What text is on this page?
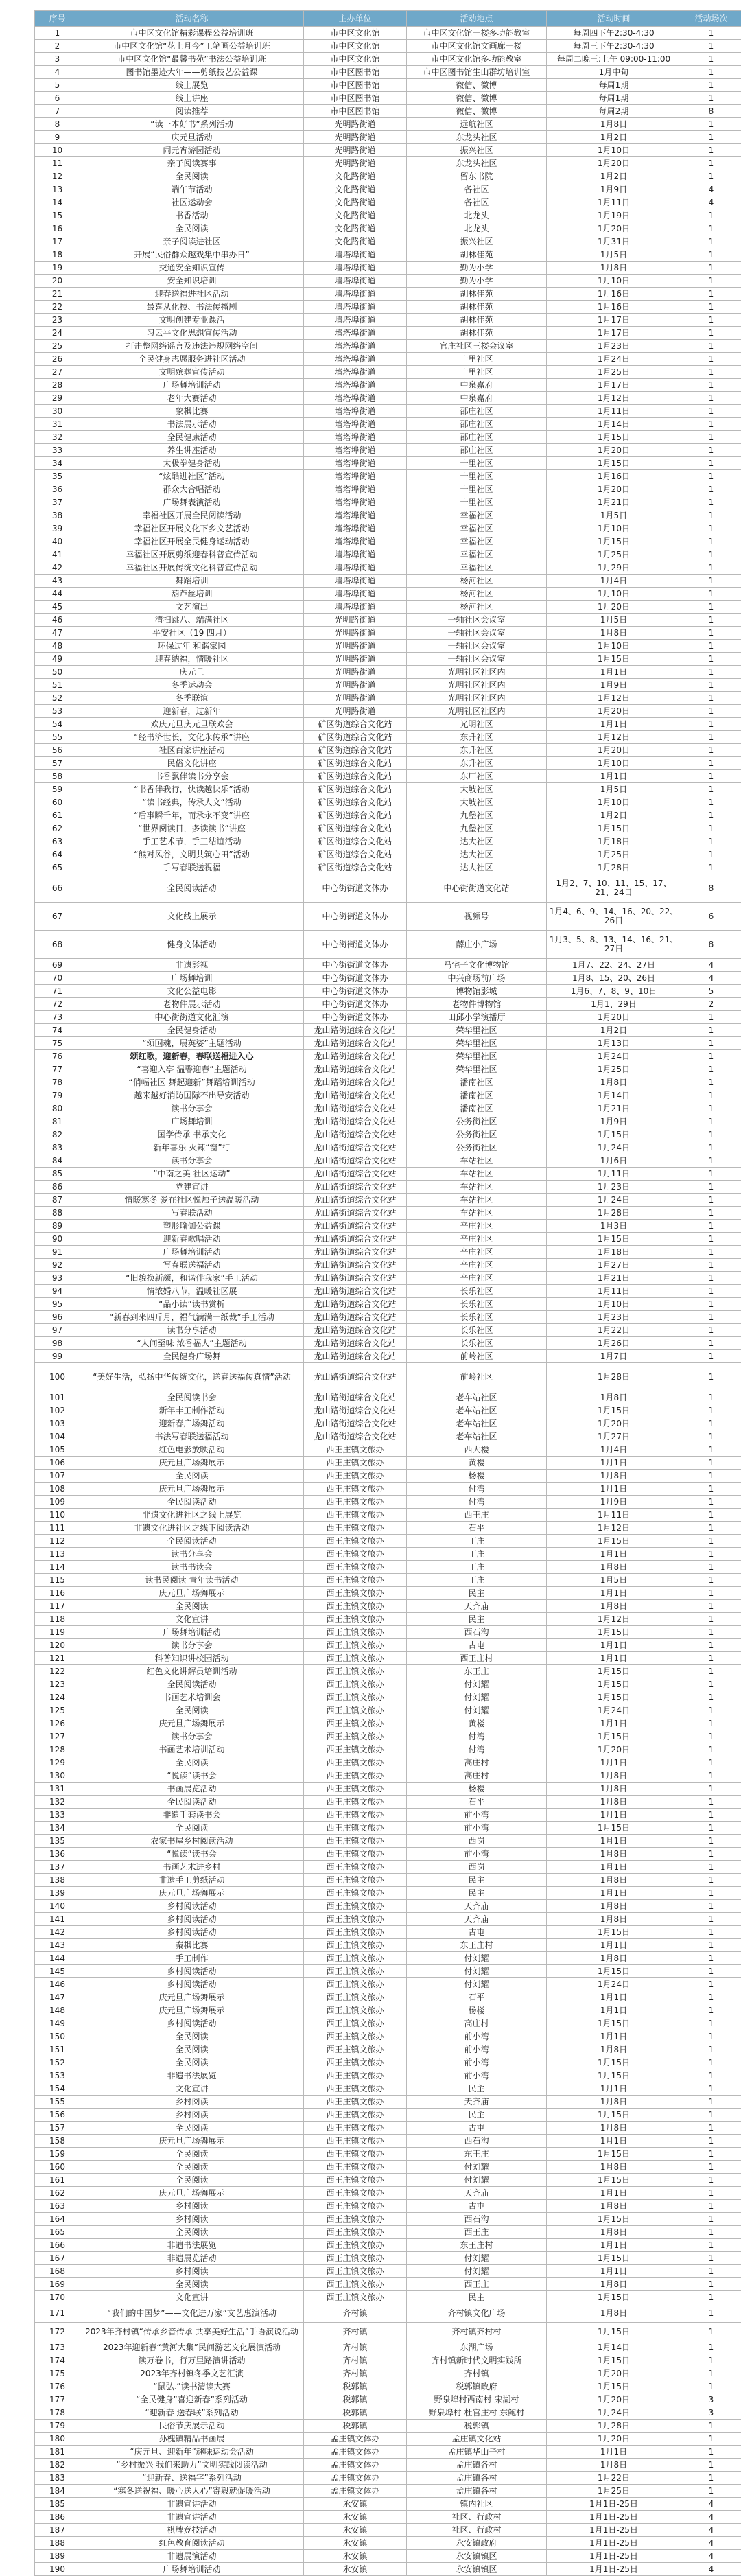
序号	活动名称	主办单位	活动地点	活动时间	活动场次
1	市中区文化馆精彩课程公益培训班	市中区文化馆	市中区文化馆一楼多功能教室	每周四下午2:30-4:30	1
2	市中区文化馆“花上月今”工笔画公益培训班	市中区文化馆	市中区文化馆文画廊一楼	每周三下午2:30-4:30	1
3	市中区文化馆“最馨书苑”书法公益培训班	市中区文化馆	市中区文化馆多功能教室	每周二晚三:上午 09:00-11:00	1
4	图书馆墨迹大年——剪纸技艺公益课	市中区图书馆	市中区图书馆生山群坊培训室	1月中旬	1
5	线上展览	市中区图书馆	微信、微博	每周1期	1
6	线上讲座	市中区图书馆	微信、微博	每周1期	1
7	阅读推荐	市中区图书馆	微信、微博	每周2期	8
8	“读一本好书”系列活动	光明路街道	远航社区	1月8日	1
9	庆元旦活动	光明路街道	东龙头社区	1月2日	1
10	闹元宵游园活动	光明路街道	振兴社区	1月10日	1
11	亲子阅读赛事	光明路街道	东龙头社区	1月20日	1
12	全民阅读	文化路街道	留东书院	1月2日	1
13	端午节活动	文化路街道	各社区	1月9日	4
14	社区运动会	文化路街道	各社区	1月11日	4
15	书香活动	文化路街道	北龙头	1月19日	1
16	全民阅读	文化路街道	北龙头	1月20日	1
17	亲子阅读进社区	文化路街道	振兴社区	1月31日	1
18	开展“民俗群众趣戏集中串办日”	墙塔埠街道	胡林佳苑	1月5日	1
19	交通安全知识宣传	墙塔埠街道	勤为小学	1月8日	1
20	安全知识培训	墙塔埠街道	勤为小学	1月10日	1
21	迎春送福进社区活动	墙塔埠街道	胡林佳苑	1月16日	1
22	最喜从化技、书法传播剧	墙塔埠街道	胡林佳苑	1月16日	1
23	文明创建专业课活	墙塔埠街道	胡林佳苑	1月17日	1
24	习云平文化思想宣传活动	墙塔埠街道	胡林佳苑	1月17日	1
25	打击整网络谣言及违法违规网络空间	墙塔埠街道	官庄社区三楼会议室	1月23日	1
26	全民健身志愿服务进社区活动	墙塔埠街道	十里社区	1月24日	1
27	文明殡葬宣传活动	墙塔埠街道	十里社区	1月25日	1
28	广场舞培训活动	墙塔埠街道	中泉嘉府	1月17日	1
29	老年大赛活动	墙塔埠街道	中泉嘉府	1月12日	1
30	象棋比赛	墙塔埠街道	邵庄社区	1月11日	1
31	书法展示活动	墙塔埠街道	邵庄社区	1月14日	1
32	全民健康活动	墙塔埠街道	邵庄社区	1月15日	1
33	养生讲座活动	墙塔埠街道	邵庄社区	1月20日	1
34	太极拳健身活动	墙塔埠街道	十里社区	1月15日	1
35	“炫酷进社区”活动	墙塔埠街道	十里社区	1月16日	1
36	群众大合唱活动	墙塔埠街道	十里社区	1月20日	1
37	广场舞表演活动	墙塔埠街道	十里社区	1月21日	1
38	幸福社区开展全民阅读活动	墙塔埠街道	幸福社区	1月5日	1
39	幸福社区开展文化下乡文艺活动	墙塔埠街道	幸福社区	1月10日	1
40	幸福社区开展全民健身运动活动	墙塔埠街道	幸福社区	1月15日	1
41	幸福社区开展剪纸迎春科普宣传活动	墙塔埠街道	幸福社区	1月25日	1
42	幸福社区开展传统文化科普宣传活动	墙塔埠街道	幸福社区	1月29日	1
43	舞蹈培训	墙塔埠街道	杨河社区	1月4日	1
44	葫芦丝培训	墙塔埠街道	杨河社区	1月10日	1
45	文艺演出	墙塔埠街道	杨河社区	1月20日	1
46	清扫跳八、端满社区	光明路街道	一轴社区会议室	1月5日	1
47	平安社区（19 四月）	光明路街道	一轴社区会议室	1月8日	1
48	环保过年 和谐家园	光明路街道	一轴社区会议室	1月10日	1
49	迎春纳福，情暖社区	光明路街道	一轴社区会议室	1月15日	1
50	庆元旦	光明路街道	光明社区社区内	1月1日	1
51	冬季运动会	光明路街道	光明社区社区内	1月9日	1
52	冬季联谊	光明路街道	光明社区社区内	1月12日	1
53	迎新春，过新年	光明路街道	光明社区社区内	1月20日	1
54	欢庆元旦庆元旦联欢会	矿区街道综合文化站	光明社区	1月1日	1
55	“经书济世长，文化永传承”讲座	矿区街道综合文化站	东升社区	1月12日	1
56	社区百家讲座活动	矿区街道综合文化站	东升社区	1月20日	1
57	民俗文化讲座	矿区街道综合文化站	东升社区	1月10日	1
58	书香飘伴读书分享会	矿区街道综合文化站	东厂社区	1月1日	1
59	“书香伴我行，快读越快乐”活动	矿区街道综合文化站	大坡社区	1月5日	1
60	“读书经典，传承人文”活动	矿区街道综合文化站	大坡社区	1月10日	1
61	“后事瞬千年，而承永不变”讲座	矿区街道综合文化站	九堡社区	1月2日	1
62	“世界阅读日，多读读书”讲座	矿区街道综合文化站	九堡社区	1月15日	1
63	手工艺术节，手工结谊活动	矿区街道综合文化站	达大社区	1月18日	1
64	“熊对风谷，文明共筑心田”活动	矿区街道综合文化站	达大社区	1月25日	1
65	手写春联送祝福	矿区街道综合文化站	达大社区	1月28日	1
66	全民阅读活动	中心街街道文体办	中心街街道文化站	1月2、7、10、11、15、17、21、24日	8
67	文化线上展示	中心街街道文体办	视频号	1月4、6、9、14、16、20、22、26日	6
68	健身文体活动	中心街街道文体办	薛庄小广场	1月3、5、8、13、14、16、21、27日	8
69	非遗影视	中心街街道文体办	马宅子文化博物馆	1月7、22、24、27日	4
70	广场舞培训	中心街街道文体办	中兴商场前广场	1月8、15、20、26日	4
71	文化公益电影	中心街街道文体办	博物馆影城	1月6、7、8、9、10日	5
72	老物件展示活动	中心街街道文体办	老物件博物馆	1月1、29日	2
73	中心街街道文化汇演	中心街街道文体办	田邱小学演播厅	1月20日	1
74	全民健身活动	龙山路街道综合文化站	荣华里社区	1月2日	1
75	“颂国魂，展英姿”主题活动	龙山路街道综合文化站	荣华里社区	1月13日	1
76	颂红歌，迎新春，春联送福进入心	龙山路街道综合文化站	荣华里社区	1月24日	1
77	“喜迎入亭 温馨迎春”主题活动	龙山路街道综合文化站	荣华里社区	1月25日	1
78	“俏幅社区 舞起迎新”舞蹈培训活动	龙山路街道综合文化站	潘南社区	1月8日	1
79	越来越好消防国际不出导安活动	龙山路街道综合文化站	潘南社区	1月14日	1
80	读书分享会	龙山路街道综合文化站	潘南社区	1月21日	1
81	广场舞培训	龙山路街道综合文化站	公务街社区	1月9日	1
82	国学传承 书承文化	龙山路街道综合文化站	公务街社区	1月15日	1
83	新年喜乐 火辣“窗”行	龙山路街道综合文化站	公务街社区	1月24日	1
84	读书分享会	龙山路街道综合文化站	车站社区	1月6日	1
85	“中南之美 社区运动”	龙山路街道综合文化站	车站社区	1月11日	1
86	党建宣讲	龙山路街道综合文化站	车站社区	1月23日	1
87	情暖寒冬 爱在社区悦烛子送温暖活动	龙山路街道综合文化站	车站社区	1月24日	1
88	写春联活动	龙山路街道综合文化站	车站社区	1月28日	1
89	塑形瑜伽公益课	龙山路街道综合文化站	辛庄社区	1月3日	1
90	迎新春歌唱活动	龙山路街道综合文化站	辛庄社区	1月15日	1
91	广场舞培训活动	龙山路街道综合文化站	辛庄社区	1月18日	1
92	写春联送福活动	龙山路街道综合文化站	辛庄社区	1月27日	1
93	“旧貌换新颜，和谐伴我家”手工活动	龙山路街道综合文化站	辛庄社区	1月21日	1
94	情浓婚八节，温暖社区展	龙山路街道综合文化站	长乐社区	1月11日	1
95	“品小读”读书赏析	龙山路街道综合文化站	长乐社区	1月10日	1
96	“新春到来四斤月，福气满满一纸裁”手工活动	龙山路街道综合文化站	长乐社区	1月23日	1
97	读书分享活动	龙山路街道综合文化站	长乐社区	1月22日	1
98	“人间至味 浓香福人”主题活动	龙山路街道综合文化站	长乐社区	1月26日	1
99	全民健身广场舞	龙山路街道综合文化站	前岭社区	1月7日	1
100	“美好生活，弘扬中华传统文化，送春送福传真情”活动	龙山路街道综合文化站	前岭社区	1月28日	1
101	全民阅读书会	龙山路街道综合文化站	老车站社区	1月8日	1
102	新年丰工制作活动	龙山路街道综合文化站	老车站社区	1月15日	1
103	迎新春广场舞活动	龙山路街道综合文化站	老车站社区	1月20日	1
104	书法写春联送福活动	龙山路街道综合文化站	老车站社区	1月27日	1
105	红色电影放映活动	西王庄镇文旅办	西大楼	1月4日	1
106	庆元旦广场舞展示	西王庄镇文旅办	黄楼	1月1日	1
107	全民阅读	西王庄镇文旅办	杨楼	1月8日	1
108	庆元旦广场舞展示	西王庄镇文旅办	付湾	1月1日	1
109	全民阅读活动	西王庄镇文旅办	付湾	1月9日	1
110	非遗文化进社区之线上展览	西王庄镇文旅办	西王庄	1月11日	1
111	非遗文化进社区之线下阅读活动	西王庄镇文旅办	石平	1月12日	1
112	全民阅读活动	西王庄镇文旅办	丁庄	1月15日	1
113	读书分享会	西王庄镇文旅办	丁庄	1月1日	1
114	读书书读会	西王庄镇文旅办	丁庄	1月8日	1
115	读书民阅读 青年读书活动	西王庄镇文旅办	丁庄	1月5日	1
116	庆元旦广场舞展示	西王庄镇文旅办	民主	1月1日	1
117	全民阅读	西王庄镇文旅办	天齐庙	1月8日	1
118	文化宣讲	西王庄镇文旅办	民主	1月12日	1
119	广场舞培训活动	西王庄镇文旅办	西石沟	1月15日	1
120	读书分享会	西王庄镇文旅办	古屯	1月1日	1
121	科普知识讲校园活动	西王庄镇文旅办	西王庄村	1月1日	1
122	红色文化讲解员培训活动	西王庄镇文旅办	东王庄	1月15日	1
123	全民阅读活动	西王庄镇文旅办	付刘耀	1月15日	1
124	书画艺术培训会	西王庄镇文旅办	付刘耀	1月15日	1
125	全民阅读	西王庄镇文旅办	付刘耀	1月24日	1
126	庆元旦广场舞展示	西王庄镇文旅办	黄楼	1月1日	1
127	读书分享会	西王庄镇文旅办	付湾	1月15日	1
128	书画艺术培训活动	西王庄镇文旅办	付湾	1月20日	1
129	全民阅读	西王庄镇文旅办	高庄村	1月1日	1
130	“悦读”读书会	西王庄镇文旅办	高庄村	1月8日	1
131	书画展览活动	西王庄镇文旅办	杨楼	1月8日	1
132	全民阅读活动	西王庄镇文旅办	石平	1月8日	1
133	非遗手套读书会	西王庄镇文旅办	前小湾	1月1日	1
134	全民阅读	西王庄镇文旅办	前小湾	1月15日	1
135	农家书屋乡村阅读活动	西王庄镇文旅办	西岗	1月1日	1
136	“悦读”读书会	西王庄镇文旅办	前小湾	1月8日	1
137	书画艺术进乡村	西王庄镇文旅办	西岗	1月1日	1
138	非遗手工剪纸活动	西王庄镇文旅办	民主	1月8日	1
139	庆元旦广场舞展示	西王庄镇文旅办	民主	1月1日	1
140	乡村阅读活动	西王庄镇文旅办	天齐庙	1月8日	1
141	乡村阅读活动	西王庄镇文旅办	天齐庙	1月8日	1
142	乡村阅读活动	西王庄镇文旅办	古屯	1月15日	1
143	秦棋比赛	西王庄镇文旅办	东王庄村	1月1日	1
144	手工制作	西王庄镇文旅办	付刘耀	1月8日	1
145	乡村阅读活动	西王庄镇文旅办	付刘耀	1月15日	1
146	乡村阅读活动	西王庄镇文旅办	付刘耀	1月24日	1
147	庆元旦广场舞展示	西王庄镇文旅办	石平	1月1日	1
148	庆元旦广场舞展示	西王庄镇文旅办	杨楼	1月1日	1
149	乡村阅读活动	西王庄镇文旅办	高庄村	1月15日	1
150	全民阅读	西王庄镇文旅办	前小湾	1月1日	1
151	全民阅读	西王庄镇文旅办	前小湾	1月8日	1
152	全民阅读	西王庄镇文旅办	前小湾	1月15日	1
153	非遗书法展览	西王庄镇文旅办	前小湾	1月15日	1
154	文化宣讲	西王庄镇文旅办	民主	1月1日	1
155	乡村阅读	西王庄镇文旅办	天齐庙	1月8日	1
156	乡村阅读	西王庄镇文旅办	民主	1月15日	1
157	全民阅读	西王庄镇文旅办	古屯	1月8日	1
158	庆元旦广场舞展示	西王庄镇文旅办	西石沟	1月1日	1
159	全民阅读	西王庄镇文旅办	东王庄	1月15日	1
160	全民阅读	西王庄镇文旅办	付刘耀	1月8日	1
161	全民阅读	西王庄镇文旅办	付刘耀	1月15日	1
162	庆元旦广场舞展示	西王庄镇文旅办	天齐庙	1月1日	1
163	乡村阅读	西王庄镇文旅办	古屯	1月8日	1
164	乡村阅读	西王庄镇文旅办	西石沟	1月15日	1
165	全民阅读	西王庄镇文旅办	西王庄	1月8日	1
166	非遗书法展览	西王庄镇文旅办	东王庄村	1月1日	1
167	非遗展览活动	西王庄镇文旅办	付刘耀	1月15日	1
168	乡村阅读	西王庄镇文旅办	付刘耀	1月1日	1
169	全民阅读	西王庄镇文旅办	西王庄	1月8日	1
170	文化宣讲	西王庄镇文旅办	民主	1月15日	1
171	“我们的中国梦”——文化进万家”文艺惠演活动	齐村镇	齐村镇文化广场	1月8日	1
172	2023年齐村镇“传承乡音传承 共享美好生活”手语演说活动	齐村镇	齐村镇齐村村	1月15日	1
173	2023年迎新春“黄河大集”民间游艺文化展演活动	齐村镇	东湖广场	1月14日	1
174	读万卷书，行万里路演讲活动	齐村镇	齐村镇新时代文明实践所	1月15日	1
175	2023年齐村镇冬季文艺汇演	齐村镇	齐村镇	1月20日	1
176	“鼠弘.”读书清读大赛	税郭镇	税郭镇政府	1月15日	1
177	“全民健身”喜迎新春”系列活动	税郭镇	野泉埠村西南村 宋湖村	1月20日	3
178	“迎新春 送春联”系列活动	税郭镇	野泉埠村 杜官庄村 东鲍村	1月24日	3
179	民俗节庆展示活动	税郭镇	税郭镇	1月28日	1
180	孙槐镇精品书画展	孟庄镇文体办	孟庄镇文化站	1月20日	1
181	“庆元旦、迎新年”趣味运动会活动	孟庄镇文体办	孟庄镇华山子村	1月1日	1
182	“乡村振兴 我们来助力”文明实践阅读活动	孟庄镇文体办	孟庄镇各村	1月8日	1
183	“迎新春、送福字”系列活动	孟庄镇文体办	孟庄镇各村	1月22日	1
184	“寒冬送祝福、暖心送人心”寄毅就促暖活动	孟庄镇文体办	孟庄镇各村	1月25日	1
185	非遗宣讲活动	永安镇	镇内社区	1月1日-25日	4
186	非遗宣讲活动	永安镇	社区、行政村	1月1日-25日	4
187	棋牌竞技活动	永安镇	社区、行政村	1月1日-25日	4
188	红色教育阅读活动	永安镇	永安镇政府	1月1日-25日	4
189	非遗展演活动	永安镇	永安镇镇区	1月1日-25日	4
190	广场舞培训活动	永安镇	永安镇镇区	1月1日-25日	4
